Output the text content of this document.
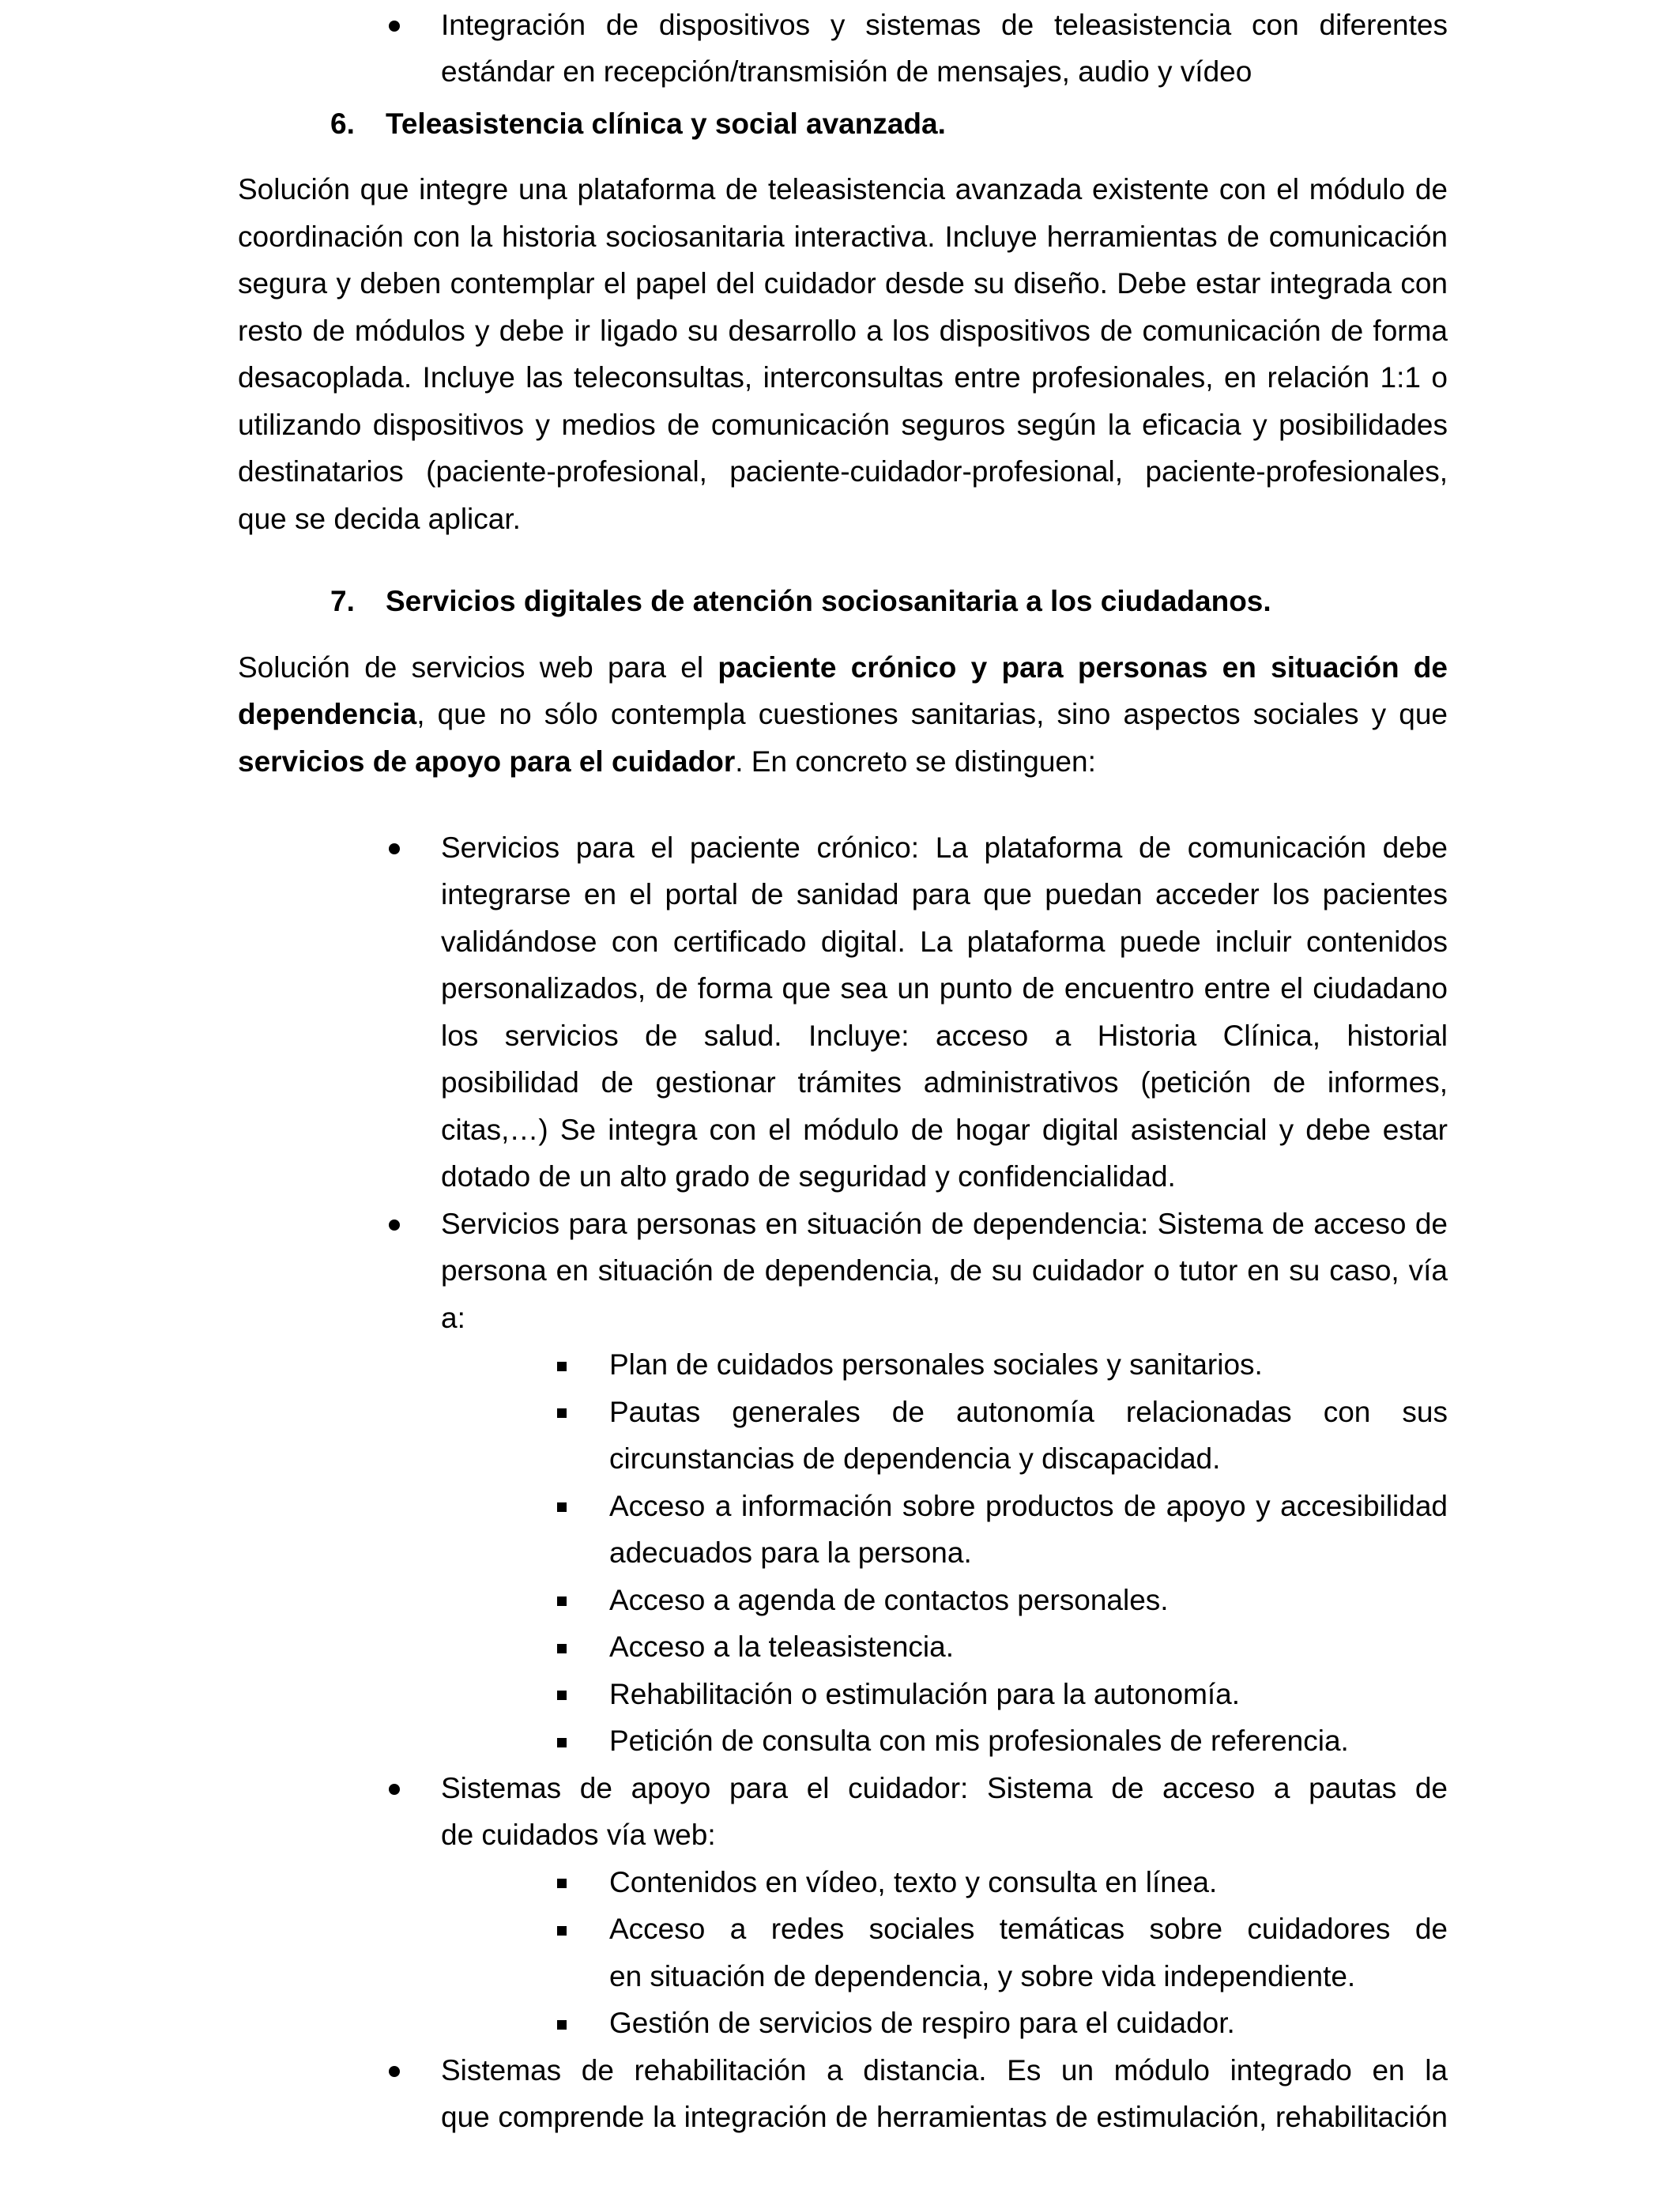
Integración de dispositivos y sistemas de teleasistencia con diferentes

estándar en recepción/transmisión de mensajes, audio y vídeo

6. Teleasistencia clínica y social avanzada.

Solución que integre una plataforma de teleasistencia avanzada existente con el módulo de

coordinación con la historia sociosanitaria interactiva. Incluye herramientas de comunicación

segura y deben contemplar el papel del cuidador desde su diseño. Debe estar integrada con

resto de módulos y debe ir ligado su desarrollo a los dispositivos de comunicación de forma

desacoplada. Incluye las teleconsultas, interconsultas entre profesionales, en relación 1:1 o

utilizando dispositivos y medios de comunicación seguros según la eficacia y posibilidades

destinatarios (paciente-profesional, paciente-cuidador-profesional, paciente-profesionales,

que se decida aplicar.

7. Servicios digitales de atención sociosanitaria a los ciudadanos.

Solución de servicios web para el paciente crónico y para personas en situación de

dependencia, que no sólo contempla cuestiones sanitarias, sino aspectos sociales y que

servicios de apoyo para el cuidador. En concreto se distinguen:

Servicios para el paciente crónico: La plataforma de comunicación debe

integrarse en el portal de sanidad para que puedan acceder los pacientes

validándose con certificado digital. La plataforma puede incluir contenidos

personalizados, de forma que sea un punto de encuentro entre el ciudadano

los servicios de salud. Incluye: acceso a Historia Clínica, historial

posibilidad de gestionar trámites administrativos (petición de informes,

citas,…) Se integra con el módulo de hogar digital asistencial y debe estar

dotado de un alto grado de seguridad y confidencialidad.

Servicios para personas en situación de dependencia: Sistema de acceso de

persona en situación de dependencia, de su cuidador o tutor en su caso, vía

a:

Plan de cuidados personales sociales y sanitarios.

Pautas generales de autonomía relacionadas con sus

circunstancias de dependencia y discapacidad.

Acceso a información sobre productos de apoyo y accesibilidad

adecuados para la persona.

Acceso a agenda de contactos personales.

Acceso a la teleasistencia.

Rehabilitación o estimulación para la autonomía.

Petición de consulta con mis profesionales de referencia.

Sistemas de apoyo para el cuidador: Sistema de acceso a pautas de

de cuidados vía web:

Contenidos en vídeo, texto y consulta en línea.

Acceso a redes sociales temáticas sobre cuidadores de

en situación de dependencia, y sobre vida independiente.

Gestión de servicios de respiro para el cuidador.

Sistemas de rehabilitación a distancia. Es un módulo integrado en la

que comprende la integración de herramientas de estimulación, rehabilitación
